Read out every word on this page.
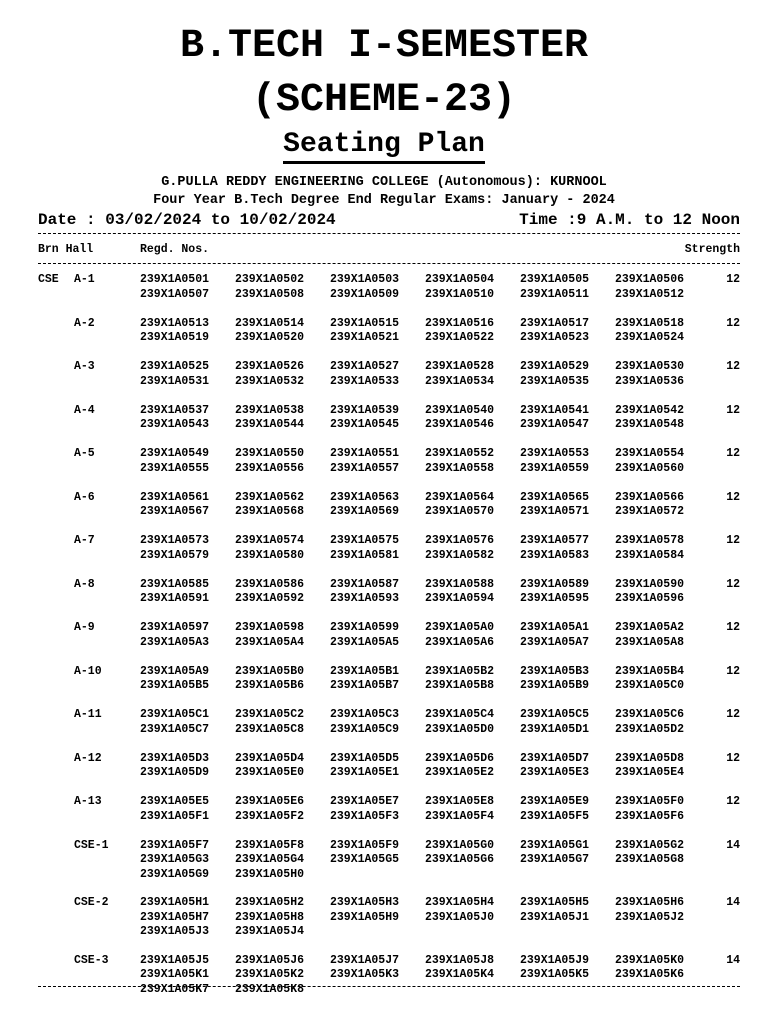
B.TECH I-SEMESTER
(SCHEME-23)
Seating Plan
G.PULLA REDDY ENGINEERING COLLEGE (Autonomous): KURNOOL
Four Year B.Tech Degree End Regular Exams: January - 2024
Date : 03/02/2024 to 10/02/2024	Time :9 A.M. to 12 Noon
Brn Hall	Regd. Nos.	Strength
CSE A-1	12
239X1A0501 239X1A0502 239X1A0503 239X1A0504 239X1A0505 239X1A0506
239X1A0507 239X1A0508 239X1A0509 239X1A0510 239X1A0511 239X1A0512
A-2	12
239X1A0513 239X1A0514 239X1A0515 239X1A0516 239X1A0517 239X1A0518
239X1A0519 239X1A0520 239X1A0521 239X1A0522 239X1A0523 239X1A0524
A-3	12
239X1A0525 239X1A0526 239X1A0527 239X1A0528 239X1A0529 239X1A0530
239X1A0531 239X1A0532 239X1A0533 239X1A0534 239X1A0535 239X1A0536
A-4	12
239X1A0537 239X1A0538 239X1A0539 239X1A0540 239X1A0541 239X1A0542
239X1A0543 239X1A0544 239X1A0545 239X1A0546 239X1A0547 239X1A0548
A-5	12
239X1A0549 239X1A0550 239X1A0551 239X1A0552 239X1A0553 239X1A0554
239X1A0555 239X1A0556 239X1A0557 239X1A0558 239X1A0559 239X1A0560
A-6	12
239X1A0561 239X1A0562 239X1A0563 239X1A0564 239X1A0565 239X1A0566
239X1A0567 239X1A0568 239X1A0569 239X1A0570 239X1A0571 239X1A0572
A-7	12
239X1A0573 239X1A0574 239X1A0575 239X1A0576 239X1A0577 239X1A0578
239X1A0579 239X1A0580 239X1A0581 239X1A0582 239X1A0583 239X1A0584
A-8	12
239X1A0585 239X1A0586 239X1A0587 239X1A0588 239X1A0589 239X1A0590
239X1A0591 239X1A0592 239X1A0593 239X1A0594 239X1A0595 239X1A0596
A-9	12
239X1A0597 239X1A0598 239X1A0599 239X1A05A0 239X1A05A1 239X1A05A2
239X1A05A3 239X1A05A4 239X1A05A5 239X1A05A6 239X1A05A7 239X1A05A8
A-10	12
239X1A05A9 239X1A05B0 239X1A05B1 239X1A05B2 239X1A05B3 239X1A05B4
239X1A05B5 239X1A05B6 239X1A05B7 239X1A05B8 239X1A05B9 239X1A05C0
A-11	12
239X1A05C1 239X1A05C2 239X1A05C3 239X1A05C4 239X1A05C5 239X1A05C6
239X1A05C7 239X1A05C8 239X1A05C9 239X1A05D0 239X1A05D1 239X1A05D2
A-12	12
239X1A05D3 239X1A05D4 239X1A05D5 239X1A05D6 239X1A05D7 239X1A05D8
239X1A05D9 239X1A05E0 239X1A05E1 239X1A05E2 239X1A05E3 239X1A05E4
A-13	12
239X1A05E5 239X1A05E6 239X1A05E7 239X1A05E8 239X1A05E9 239X1A05F0
239X1A05F1 239X1A05F2 239X1A05F3 239X1A05F4 239X1A05F5 239X1A05F6
CSE-1	14
239X1A05F7 239X1A05F8 239X1A05F9 239X1A05G0 239X1A05G1 239X1A05G2
239X1A05G3 239X1A05G4 239X1A05G5 239X1A05G6 239X1A05G7 239X1A05G8
239X1A05G9 239X1A05H0
CSE-2	14
239X1A05H1 239X1A05H2 239X1A05H3 239X1A05H4 239X1A05H5 239X1A05H6
239X1A05H7 239X1A05H8 239X1A05H9 239X1A05J0 239X1A05J1 239X1A05J2
239X1A05J3 239X1A05J4
CSE-3	14
239X1A05J5 239X1A05J6 239X1A05J7 239X1A05J8 239X1A05J9 239X1A05K0
239X1A05K1 239X1A05K2 239X1A05K3 239X1A05K4 239X1A05K5 239X1A05K6
239X1A05K7 239X1A05K8
